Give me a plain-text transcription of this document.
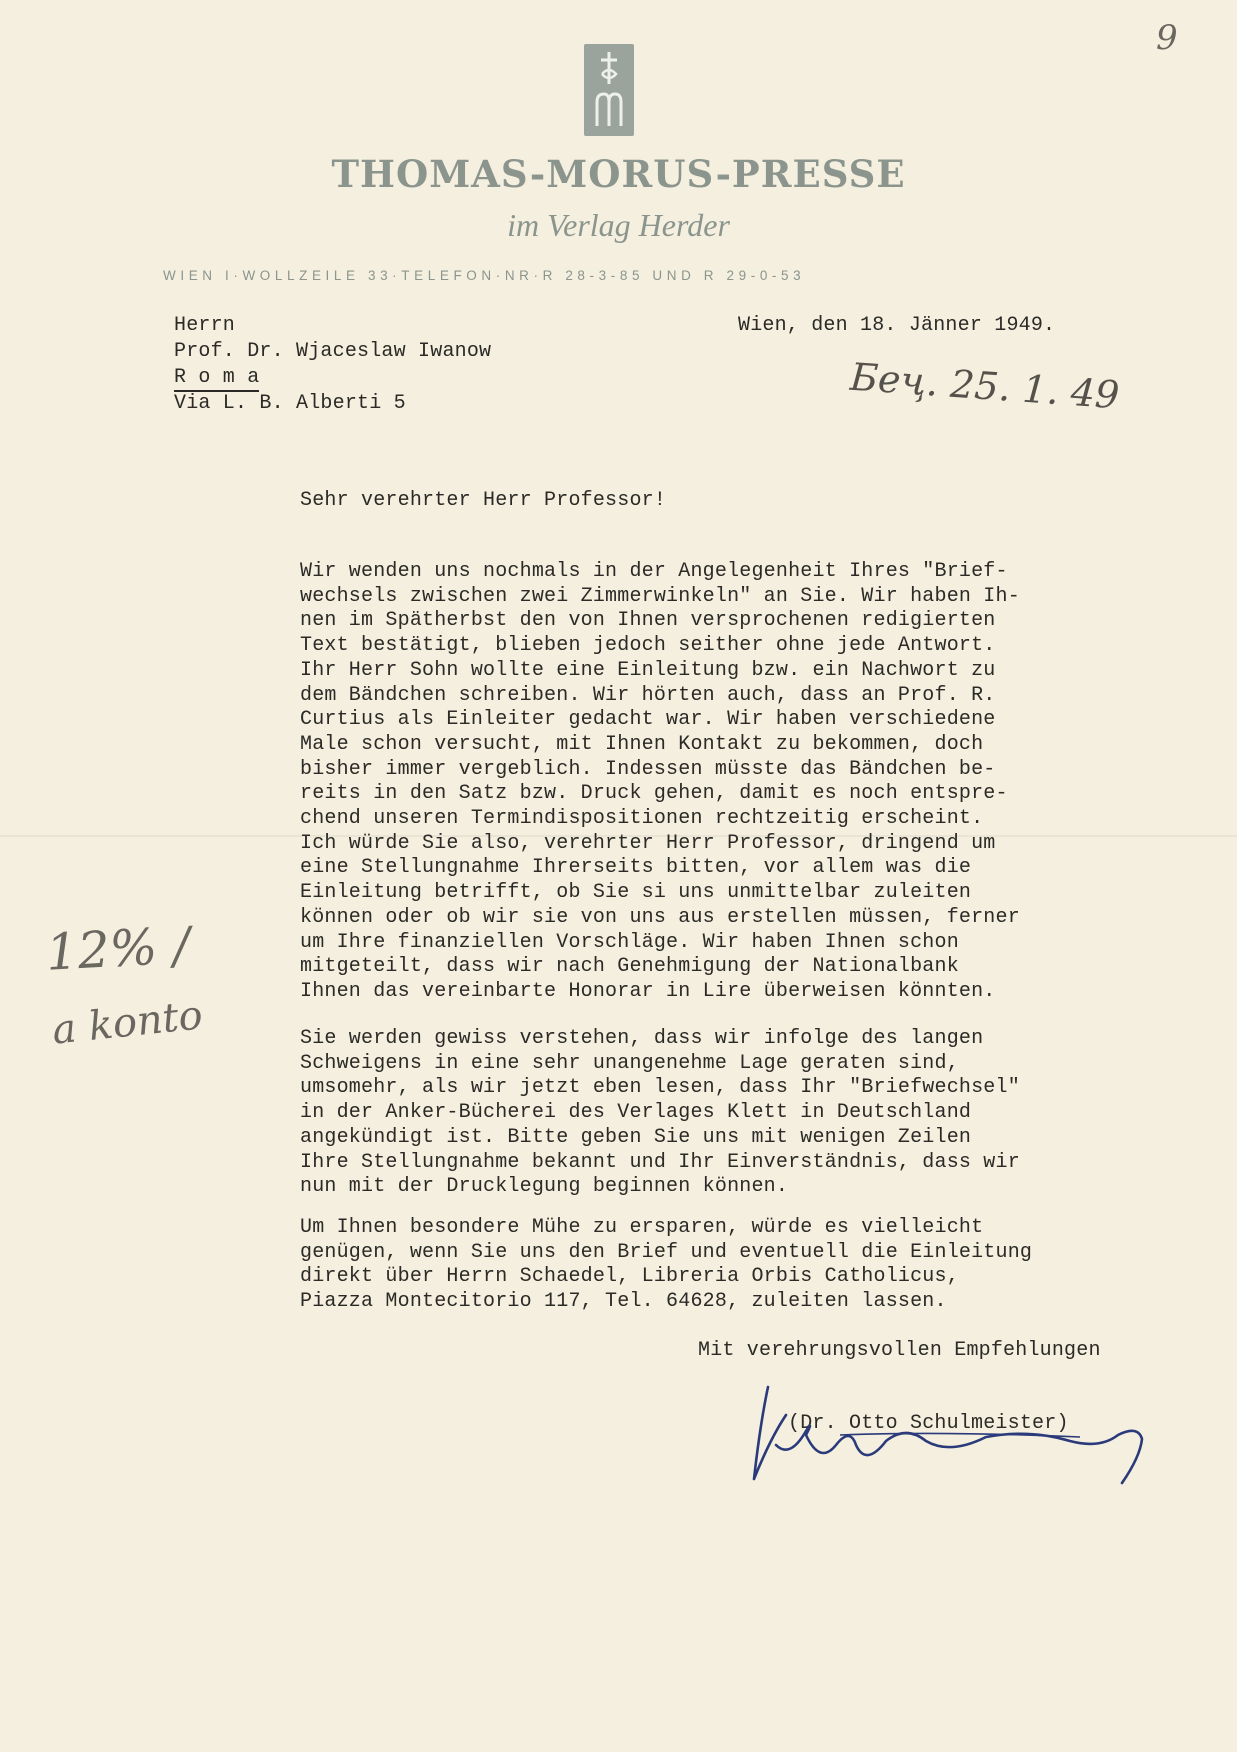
9
THOMAS-MORUS-PRESSE
im Verlag Herder
WIEN I·WOLLZEILE 33·TELEFON·NR·R 28-3-85 UND R 29-0-53
Herrn
Prof. Dr. Wjaceslaw Iwanow
R o m a
Via L. B. Alberti 5
Wien, den 18. Jänner 1949.
Беҷ. 25. 1. 49
Sehr verehrter Herr Professor!
Wir wenden uns nochmals in der Angelegenheit Ihres "Brief-
wechsels zwischen zwei Zimmerwinkeln" an Sie. Wir haben Ih-
nen im Spätherbst den von Ihnen versprochenen redigierten
Text bestätigt, blieben jedoch seither ohne jede Antwort.
Ihr Herr Sohn wollte eine Einleitung bzw. ein Nachwort zu
dem Bändchen schreiben. Wir hörten auch, dass an Prof. R.
Curtius als Einleiter gedacht war. Wir haben verschiedene
Male schon versucht, mit Ihnen Kontakt zu bekommen, doch
bisher immer vergeblich. Indessen müsste das Bändchen be-
reits in den Satz bzw. Druck gehen, damit es noch entspre-
chend unseren Termindispositionen rechtzeitig erscheint.
Ich würde Sie also, verehrter Herr Professor, dringend um
eine Stellungnahme Ihrerseits bitten, vor allem was die
Einleitung betrifft, ob Sie si uns unmittelbar zuleiten
können oder ob wir sie von uns aus erstellen müssen, ferner
um Ihre finanziellen Vorschläge. Wir haben Ihnen schon
mitgeteilt, dass wir nach Genehmigung der Nationalbank
Ihnen das vereinbarte Honorar in Lire überweisen könnten.
Sie werden gewiss verstehen, dass wir infolge des langen
Schweigens in eine sehr unangenehme Lage geraten sind,
umsomehr, als wir jetzt eben lesen, dass Ihr "Briefwechsel"
in der Anker-Bücherei des Verlages Klett in Deutschland
angekündigt ist. Bitte geben Sie uns mit wenigen Zeilen
Ihre Stellungnahme bekannt und Ihr Einverständnis, dass wir
nun mit der Drucklegung beginnen können.
Um Ihnen besondere Mühe zu ersparen, würde es vielleicht
genügen, wenn Sie uns den Brief und eventuell die Einleitung
direkt über Herrn Schaedel, Libreria Orbis Catholicus,
Piazza Montecitorio 117, Tel. 64628, zuleiten lassen.
12% /
a konto
Mit verehrungsvollen Empfehlungen
(Dr. Otto Schulmeister)
